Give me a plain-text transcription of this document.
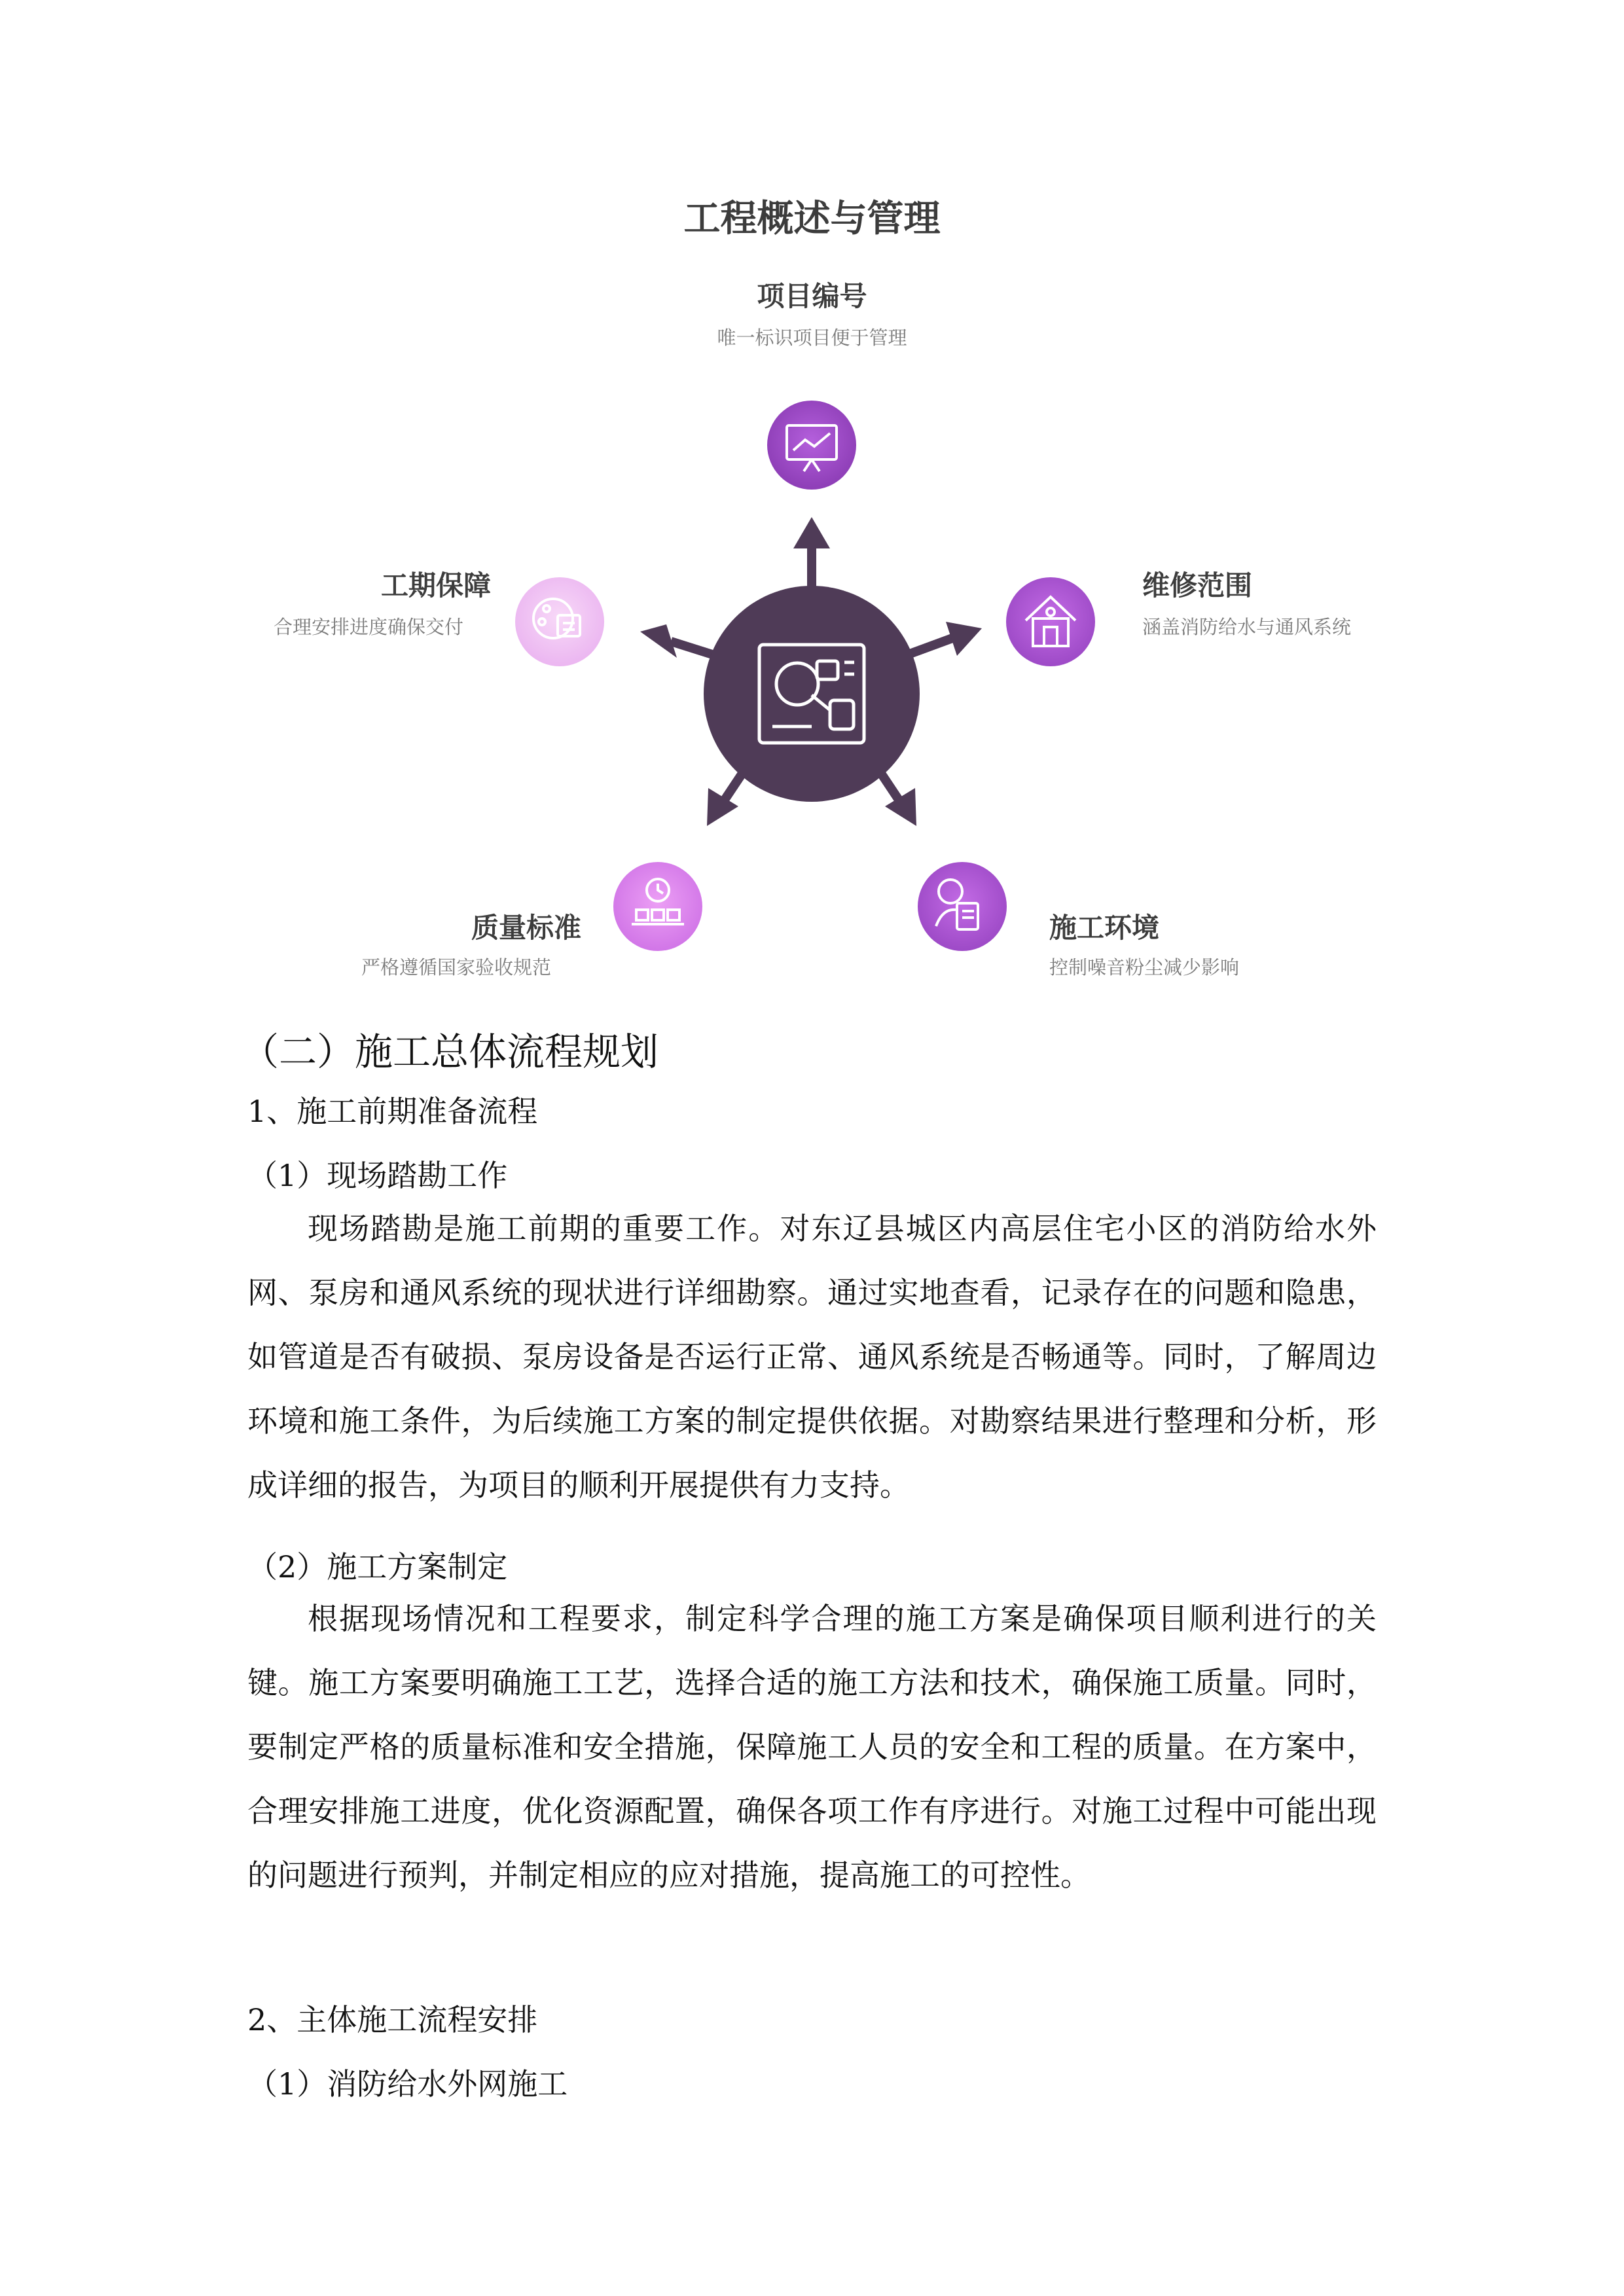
工程概述与管理
项目编号
唯一标识项目便于管理
维修范围
涵盖消防给水与通风系统
施工环境
控制噪音粉尘减少影响
质量标准
严格遵循国家验收规范
工期保障
合理安排进度确保交付
（二）施工总体流程规划
1、施工前期准备流程
（1）现场踏勘工作
现场踏勘是施工前期的重要工作。对东辽县城区内高层住宅小区的消防给水外网、泵房和通风系统的现状进行详细勘察。通过实地查看，记录存在的问题和隐患，如管道是否有破损、泵房设备是否运行正常、通风系统是否畅通等。同时，了解周边环境和施工条件，为后续施工方案的制定提供依据。对勘察结果进行整理和分析，形成详细的报告，为项目的顺利开展提供有力支持。
（2）施工方案制定
根据现场情况和工程要求，制定科学合理的施工方案是确保项目顺利进行的关键。施工方案要明确施工工艺，选择合适的施工方法和技术，确保施工质量。同时，要制定严格的质量标准和安全措施，保障施工人员的安全和工程的质量。在方案中，合理安排施工进度，优化资源配置，确保各项工作有序进行。对施工过程中可能出现的问题进行预判，并制定相应的应对措施，提高施工的可控性。
2、主体施工流程安排
（1）消防给水外网施工
